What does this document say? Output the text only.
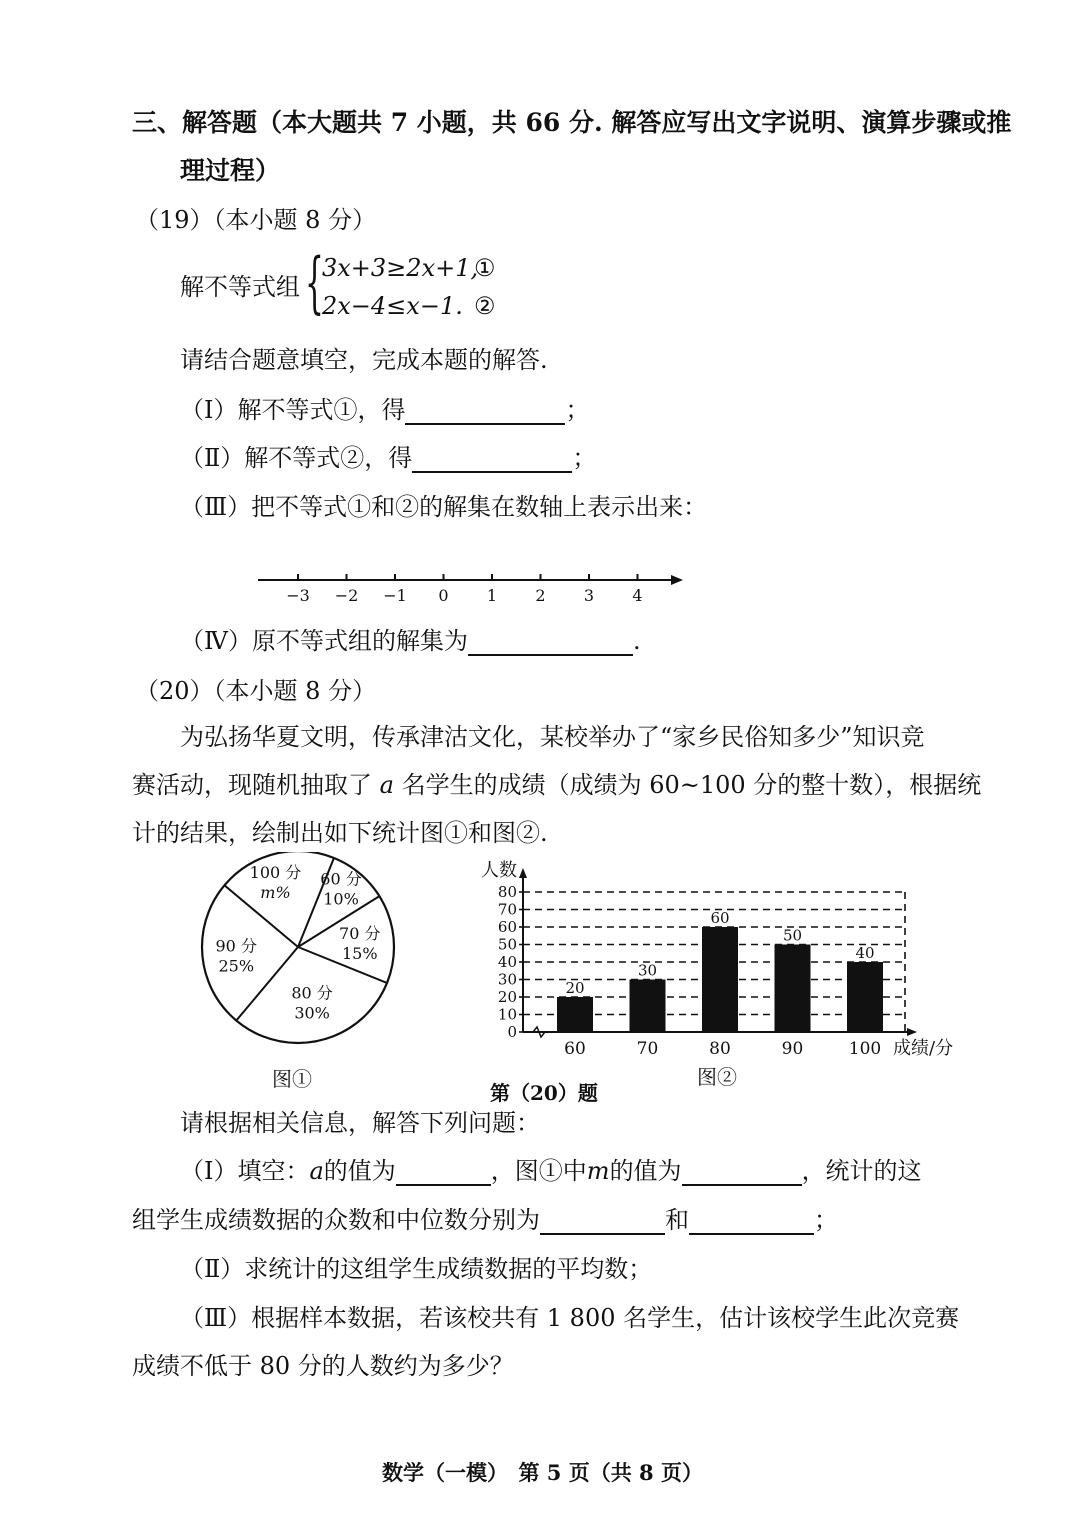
三、解答题（本大题共 7 小题，共 66 分. 解答应写出文字说明、演算步骤或推
理过程）
（19）（本小题 8 分）
解不等式组 {
3x+3≥2x+1,
①
2x−4≤x−1. ②
请结合题意填空，完成本题的解答.
（Ⅰ）解不等式①，得	；
（Ⅱ）解不等式②，得	；
（Ⅲ）把不等式①和②的解集在数轴上表示出来：
−3 −2 −1 0 1 2 3 4
（Ⅳ）原不等式组的解集为	.
（20）（本小题 8 分）
为弘扬华夏文明，传承津沽文化，某校举办了“家乡民俗知多少”知识竞
赛活动，现随机抽取了 a 名学生的成绩（成绩为 60~100 分的整十数），根据统
计的结果，绘制出如下统计图①和图②.
60 分
10%
70 分
15%
80 分
30%
90 分
25%
100 分
m%
图①
0
10
20
30
40
50
60
70
80
人数
成绩/分
20
60
30
70
60
80
50
90
40
100
图②
第（20）题
请根据相关信息，解答下列问题：
（Ⅰ）填空：a的值为	，图①中m的值为	，统计的这
组学生成绩数据的众数和中位数分别为	和	；
（Ⅱ）求统计的这组学生成绩数据的平均数；
（Ⅲ）根据样本数据，若该校共有 1 800 名学生，估计该校学生此次竞赛
成绩不低于 80 分的人数约为多少？
数学（一模）　第 5 页（共 8 页）
